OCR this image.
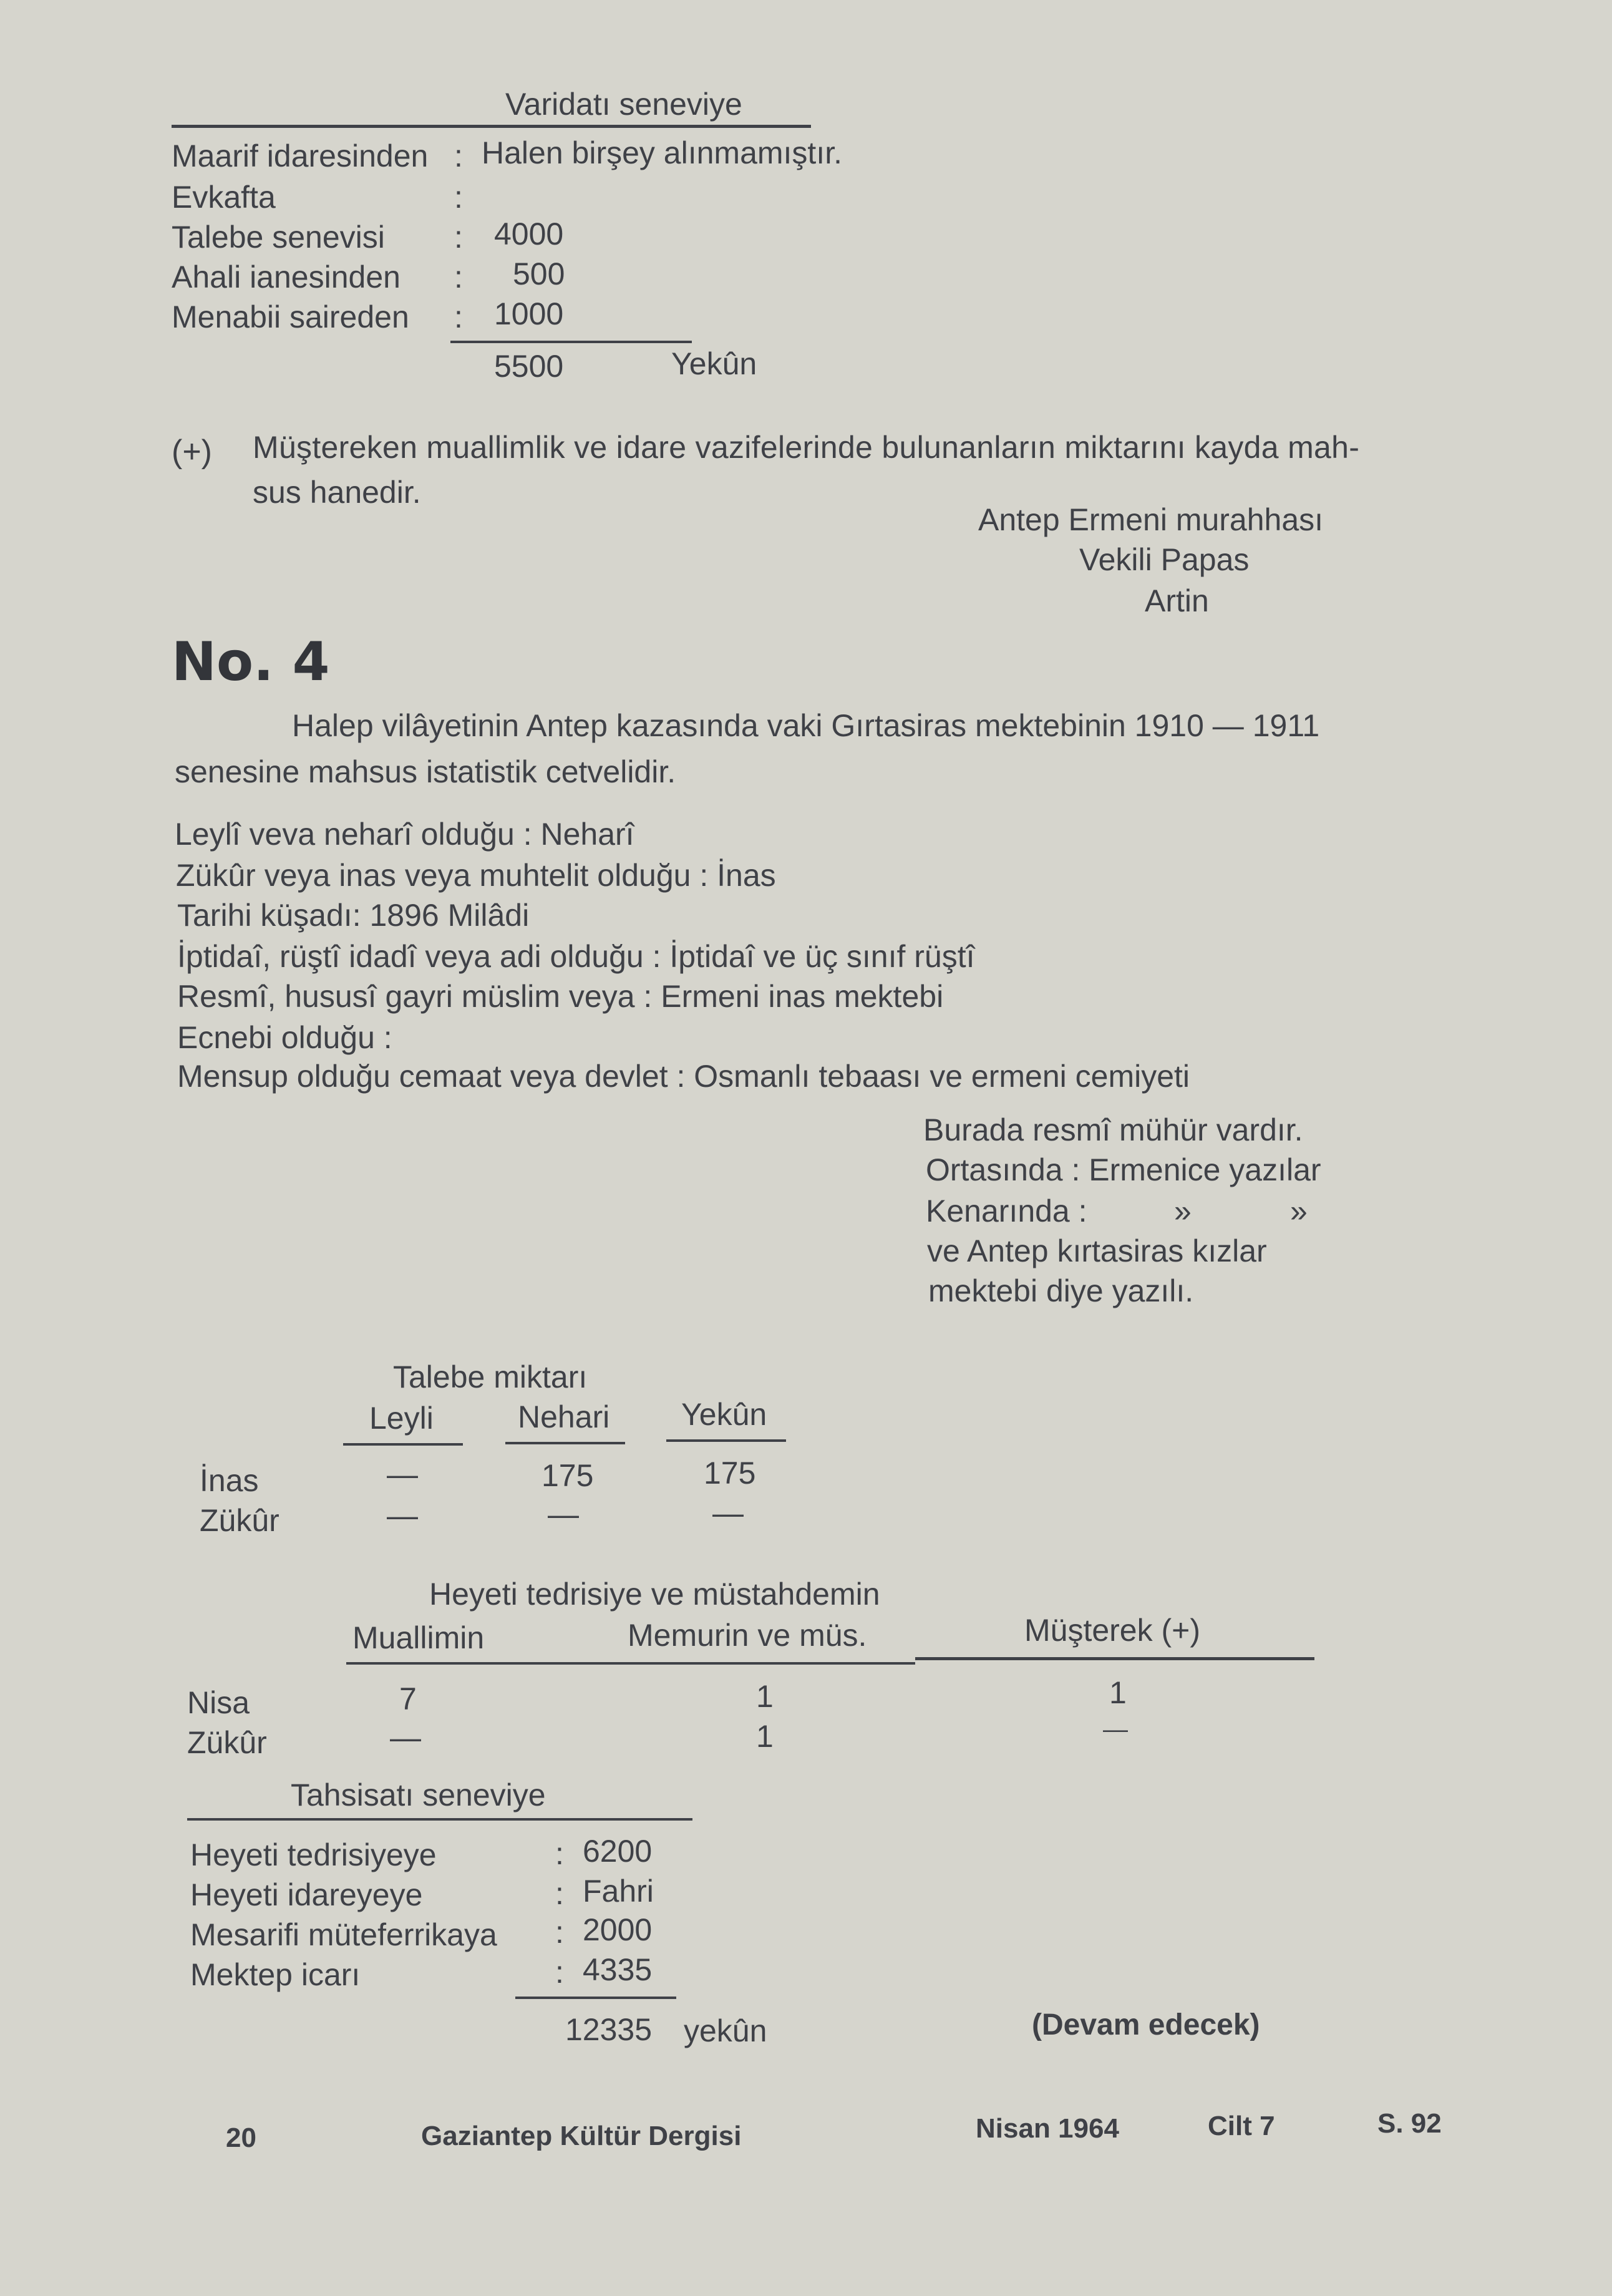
Varidatı seneviye
Maarif idaresinden : Halen birşey alınmamıştır.
Evkafta	:
Talebe senevisi : 4000
Ahali ianesinden : 500
Menabii saireden : 1000
5500	Yekûn
(+) Müştereken muallimlik ve idare vazifelerinde bulunanların miktarını kayda mah-
sus hanedir.
Antep Ermeni murahhası
Vekili Papas
Artin
No. 4
Halep vilâyetinin Antep kazasında vaki Gırtasiras mektebinin 1910 — 1911
senesine mahsus istatistik cetvelidir.
Leylî veva neharî olduğu : Neharî
Zükûr veya inas veya muhtelit olduğu : İnas
Tarihi küşadı: 1896 Milâdi
İptidaî, rüştî idadî veya adi olduğu : İptidaî ve üç sınıf rüştî
Resmî, hususî gayri müslim veya : Ermeni inas mektebi
Ecnebi olduğu :
Mensup olduğu cemaat veya devlet : Osmanlı tebaası ve ermeni cemiyeti
Burada resmî mühür vardır.
Ortasında : Ermenice yazılar
Kenarında :	»	»
ve Antep kırtasiras kızlar
mektebi diye yazılı.
Talebe miktarı
Leyli	Nehari Yekûn
İnas	—	175	175
Zükûr	—	—	—
Heyeti tedrisiye ve müstahdemin
Muallimin	Memurin ve müs.	Müşterek (+)
Nisa	7	1	1
Zükûr	—	1	—
Tahsisatı seneviye
Heyeti tedrisiyeye	: 6200
Heyeti idareyeye	: Fahri
Mesarifi müteferrikaya : 2000
Mektep icarı	: 4335
12335 yekûn	(Devam edecek)
20	Gaziantep Kültür Dergisi	Nisan 1964	Cilt 7	S. 92
